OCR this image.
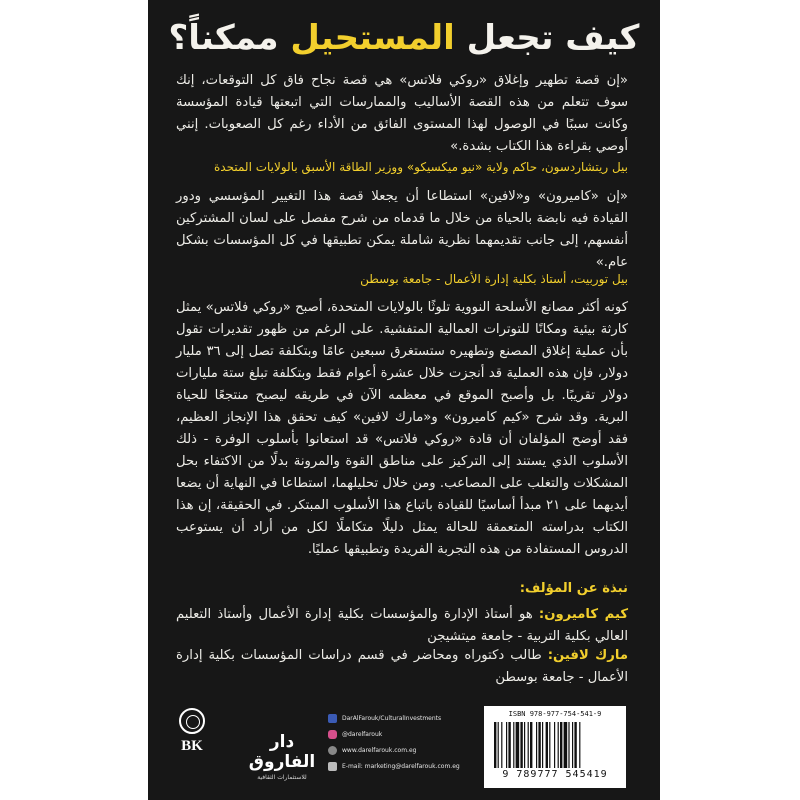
كيف تجعل المستحيل ممكناً؟

«إن قصة تطهير وإغلاق «روكي فلاتس» هي قصة نجاح فاق كل التوقعات، إنك سوف تتعلم من هذه القصة الأساليب والممارسات التي اتبعتها قيادة المؤسسة وكانت سببًا في الوصول لهذا المستوى الفائق من الأداء رغم كل الصعوبات. إنني أوصي بقراءة هذا الكتاب بشدة.»

بيل ريتشاردسون، حاكم ولاية «نيو ميكسيكو» ووزير الطاقة الأسبق بالولايات المتحدة

«إن «كاميرون» و«لافين» استطاعا أن يجعلا قصة هذا التغيير المؤسسي ودور القيادة فيه نابضة بالحياة من خلال ما قدماه من شرح مفصل على لسان المشتركين أنفسهم، إلى جانب تقديمهما نظرية شاملة يمكن تطبيقها في كل المؤسسات بشكل عام.»

بيل توربيت، أستاذ بكلية إدارة الأعمال - جامعة بوسطن

كونه أكثر مصانع الأسلحة النووية تلوثًا بالولايات المتحدة، أصبح «روكي فلاتس» يمثل كارثة بيئية ومكانًا للتوترات العمالية المتفشية. على الرغم من ظهور تقديرات تقول بأن عملية إغلاق المصنع وتطهيره ستستغرق سبعين عامًا وبتكلفة تصل إلى ٣٦ مليار دولار، فإن هذه العملية قد أنجزت خلال عشرة أعوام فقط وبتكلفة تبلغ ستة مليارات دولار تقريبًا. بل وأصبح الموقع في معظمه الآن في طريقه ليصبح منتجعًا للحياة البرية. وقد شرح «كيم كاميرون» و«مارك لافين» كيف تحقق هذا الإنجاز العظيم، فقد أوضح المؤلفان أن قادة «روكي فلاتس» قد استعانوا بأسلوب الوفرة - ذلك الأسلوب الذي يستند إلى التركيز على مناطق القوة والمرونة بدلًا من الاكتفاء بحل المشكلات والتغلب على المصاعب. ومن خلال تحليلهما، استطاعا في النهاية أن يضعا أيديهما على ٢١ مبدأ أساسيًا للقيادة باتباع هذا الأسلوب المبتكر. في الحقيقة، إن هذا الكتاب بدراسته المتعمقة للحالة يمثل دليلًا متكاملًا لكل من أراد أن يستوعب الدروس المستفادة من هذه التجربة الفريدة وتطبيقها عمليًا.

نبذة عن المؤلف:

كيم كاميرون: هو أستاذ الإدارة والمؤسسات بكلية إدارة الأعمال وأستاذ التعليم العالي بكلية التربية - جامعة ميتشيجن

مارك لافين: طالب دكتوراه ومحاضر في قسم دراسات المؤسسات بكلية إدارة الأعمال - جامعة بوسطن

BK	دار الفاروق
للاستثمارات الثقافية
DarAlFarouk/CulturalInvestments
@darelfarouk
www.darelfarouk.com.eg
E-mail: marketing@darelfarouk.com.eg
ISBN 978-977-754-541-9
9 789777 545419
